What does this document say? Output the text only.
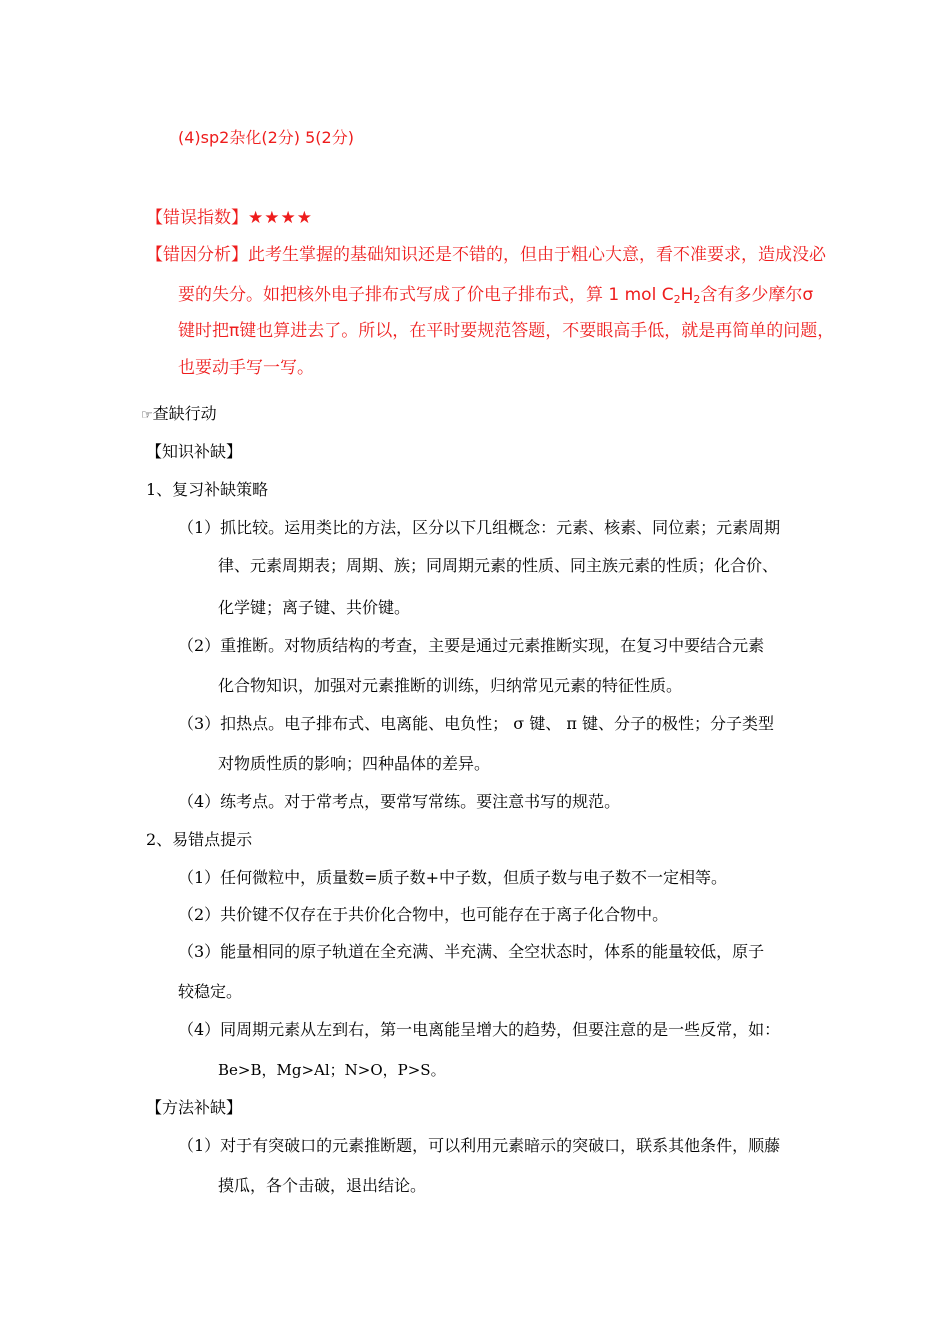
(4)sp2杂化(2分) 5(2分)
【错误指数】★★★★
【错因分析】此考生掌握的基础知识还是不错的，但由于粗心大意，看不准要求，造成没必
要的失分。如把核外电子排布式写成了价电子排布式，算 1 mol $C_2H_2$含有多少摩尔σ
键时把π键也算进去了。所以，在平时要规范答题，不要眼高手低，就是再简单的问题，
也要动手写一写。
☞查缺行动
【知识补缺】
1、复习补缺策略
（1）抓比较。运用类比的方法，区分以下几组概念：元素、核素、同位素；元素周期
律、元素周期表；周期、族；同周期元素的性质、同主族元素的性质；化合价、
化学键；离子键、共价键。
（2）重推断。对物质结构的考查，主要是通过元素推断实现，在复习中要结合元素
化合物知识，加强对元素推断的训练，归纳常见元素的特征性质。
（3）扣热点。电子排布式、电离能、电负性； σ 键、 π 键、分子的极性；分子类型
对物质性质的影响；四种晶体的差异。
（4）练考点。对于常考点，要常写常练。要注意书写的规范。
2、易错点提示
（1）任何微粒中，质量数=质子数+中子数，但质子数与电子数不一定相等。
（2）共价键不仅存在于共价化合物中，也可能存在于离子化合物中。
（3）能量相同的原子轨道在全充满、半充满、全空状态时，体系的能量较低，原子
较稳定。
（4）同周期元素从左到右，第一电离能呈增大的趋势，但要注意的是一些反常，如：
Be>B，Mg>Al；N>O，P>S。
【方法补缺】
（1）对于有突破口的元素推断题，可以利用元素暗示的突破口，联系其他条件，顺藤
摸瓜，各个击破，退出结论。
